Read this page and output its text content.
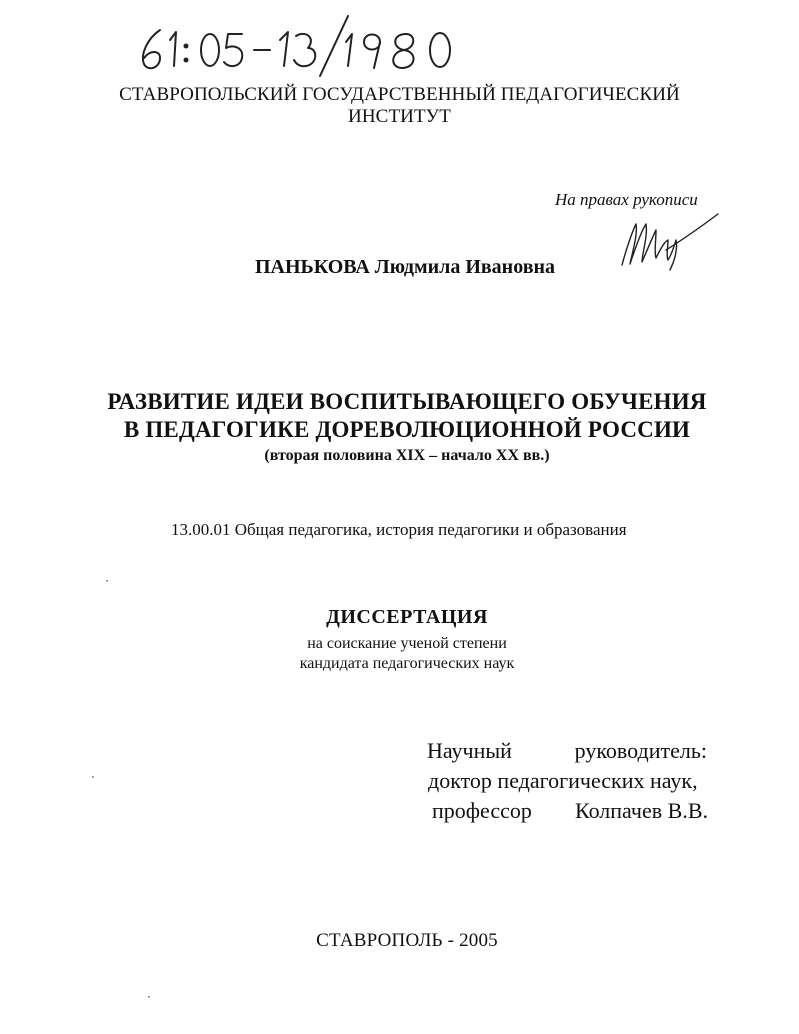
СТАВРОПОЛЬСКИЙ ГОСУДАРСТВЕННЫЙ ПЕДАГОГИЧЕСКИЙ
ИНСТИТУТ
На правах рукописи
ПАНЬКОВА Людмила Ивановна
РАЗВИТИЕ ИДЕИ ВОСПИТЫВАЮЩЕГО ОБУЧЕНИЯ
В ПЕДАГОГИКЕ ДОРЕВОЛЮЦИОННОЙ РОССИИ
(вторая половина XIX – начало XX вв.)
13.00.01 Общая педагогика, история педагогики и образования
ДИССЕРТАЦИЯ
на соискание ученой степени
кандидата педагогических наук
Научный	руководитель:
доктор педагогических наук,
профессор Колпачев В.В.
СТАВРОПОЛЬ - 2005
